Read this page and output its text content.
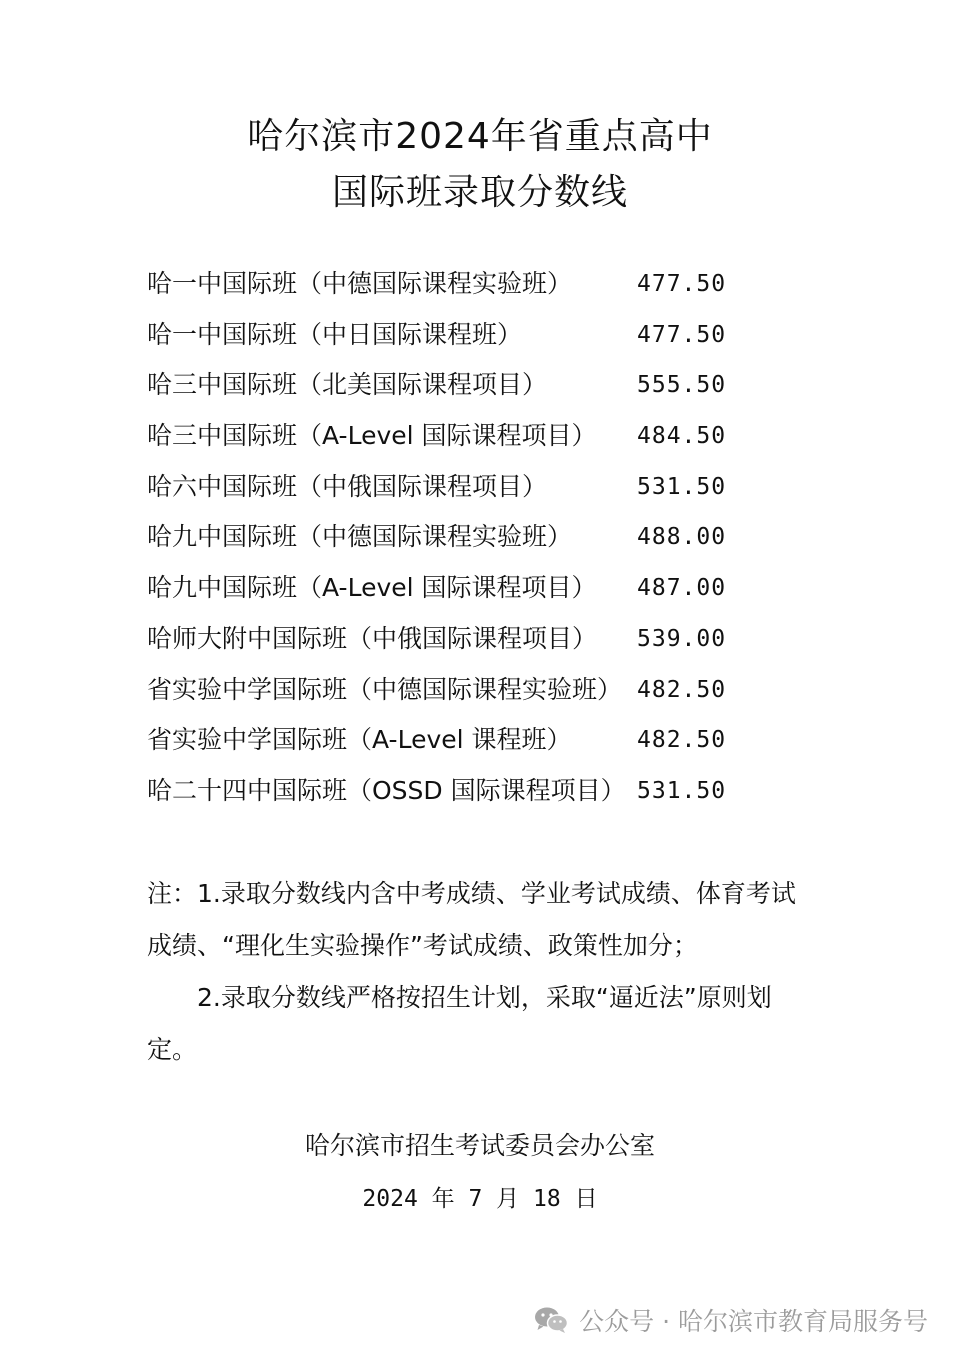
哈尔滨市2024年省重点高中
国际班录取分数线
哈一中国际班（中德国际课程实验班）	477.50
哈一中国际班（中日国际课程班）	477.50
哈三中国际班（北美国际课程项目）	555.50
哈三中国际班（A-Level 国际课程项目） 484.50
哈六中国际班（中俄国际课程项目）	531.50
哈九中国际班（中德国际课程实验班）	488.00
哈九中国际班（A-Level 国际课程项目） 487.00
哈师大附中国际班（中俄国际课程项目） 539.00
省实验中学国际班（中德国际课程实验班） 482.50
省实验中学国际班（A-Level 课程班）	482.50
哈二十四中国际班（OSSD 国际课程项目） 531.50
注：1.录取分数线内含中考成绩、学业考试成绩、体育考试
成绩、“理化生实验操作”考试成绩、政策性加分；
2.录取分数线严格按招生计划，采取“逼近法”原则划
定。
哈尔滨市招生考试委员会办公室
2024 年 7 月 18 日
公众号 · 哈尔滨市教育局服务号
